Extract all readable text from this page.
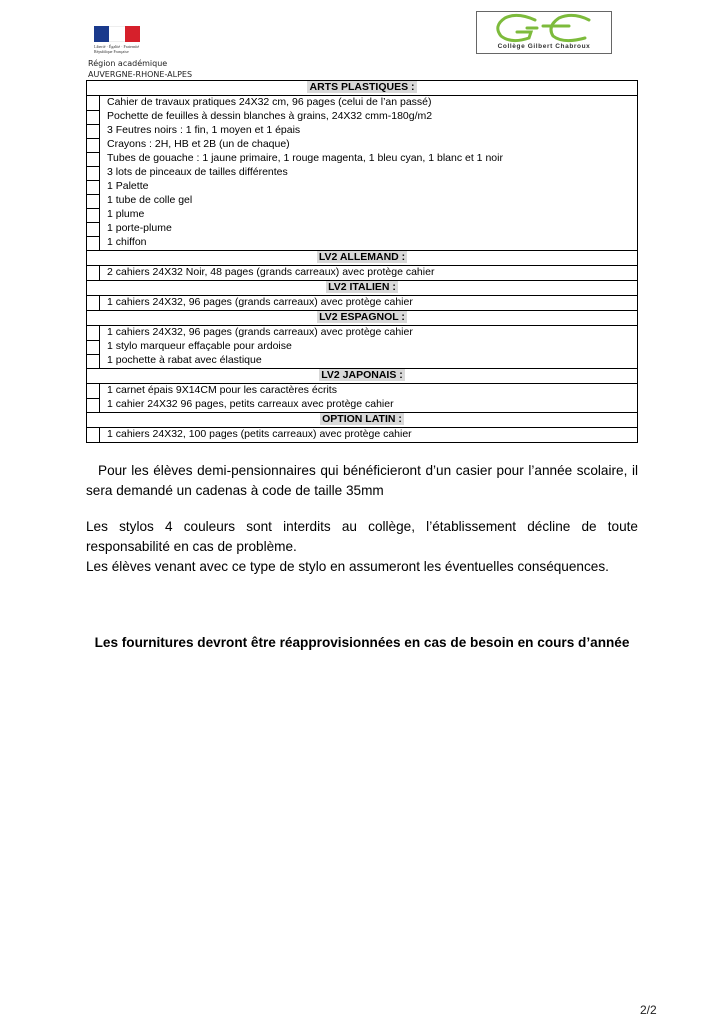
Liberté · Égalité · Fraternité
République Française
Région académique
AUVERGNE-RHONE-ALPES
Collège Gilbert Chabroux
ARTS PLASTIQUES :	
	Cahier de travaux pratiques 24X32 cm, 96 pages (celui de l’an passé)
	Pochette de feuilles à dessin blanches à grains, 24X32 cmm-180g/m2
	3 Feutres noirs : 1 fin, 1 moyen et 1 épais
	Crayons : 2H, HB et 2B (un de chaque)
	Tubes de gouache : 1 jaune primaire, 1 rouge magenta, 1 bleu cyan, 1 blanc et 1 noir
	3 lots de pinceaux de tailles différentes
	1 Palette
	1 tube de colle gel
	1 plume
	1 porte-plume
	1 chiffon
LV2 ALLEMAND :	
	2 cahiers 24X32 Noir, 48 pages (grands carreaux) avec protège cahier
LV2 ITALIEN :	
	1 cahiers 24X32, 96 pages (grands carreaux) avec protège cahier
LV2 ESPAGNOL :	
	1 cahiers 24X32, 96 pages (grands carreaux) avec protège cahier
	1 stylo marqueur effaçable pour ardoise
	1 pochette à rabat avec élastique
LV2 JAPONAIS :	
	1 carnet épais 9X14CM pour les caractères écrits
	1 cahier 24X32 96 pages, petits carreaux avec protège cahier
OPTION LATIN :	
	1 cahiers 24X32, 100 pages (petits carreaux) avec protège cahier
Pour les élèves demi-pensionnaires qui bénéficieront d’un casier pour l’année scolaire, il sera demandé un cadenas à code de taille 35mm
Les stylos 4 couleurs sont interdits au collège, l’établissement décline de toute responsabilité en cas de problème.
Les élèves venant avec ce type de stylo en assumeront les éventuelles conséquences.
Les fournitures devront être réapprovisionnées en cas de besoin en cours d’année
2/2
